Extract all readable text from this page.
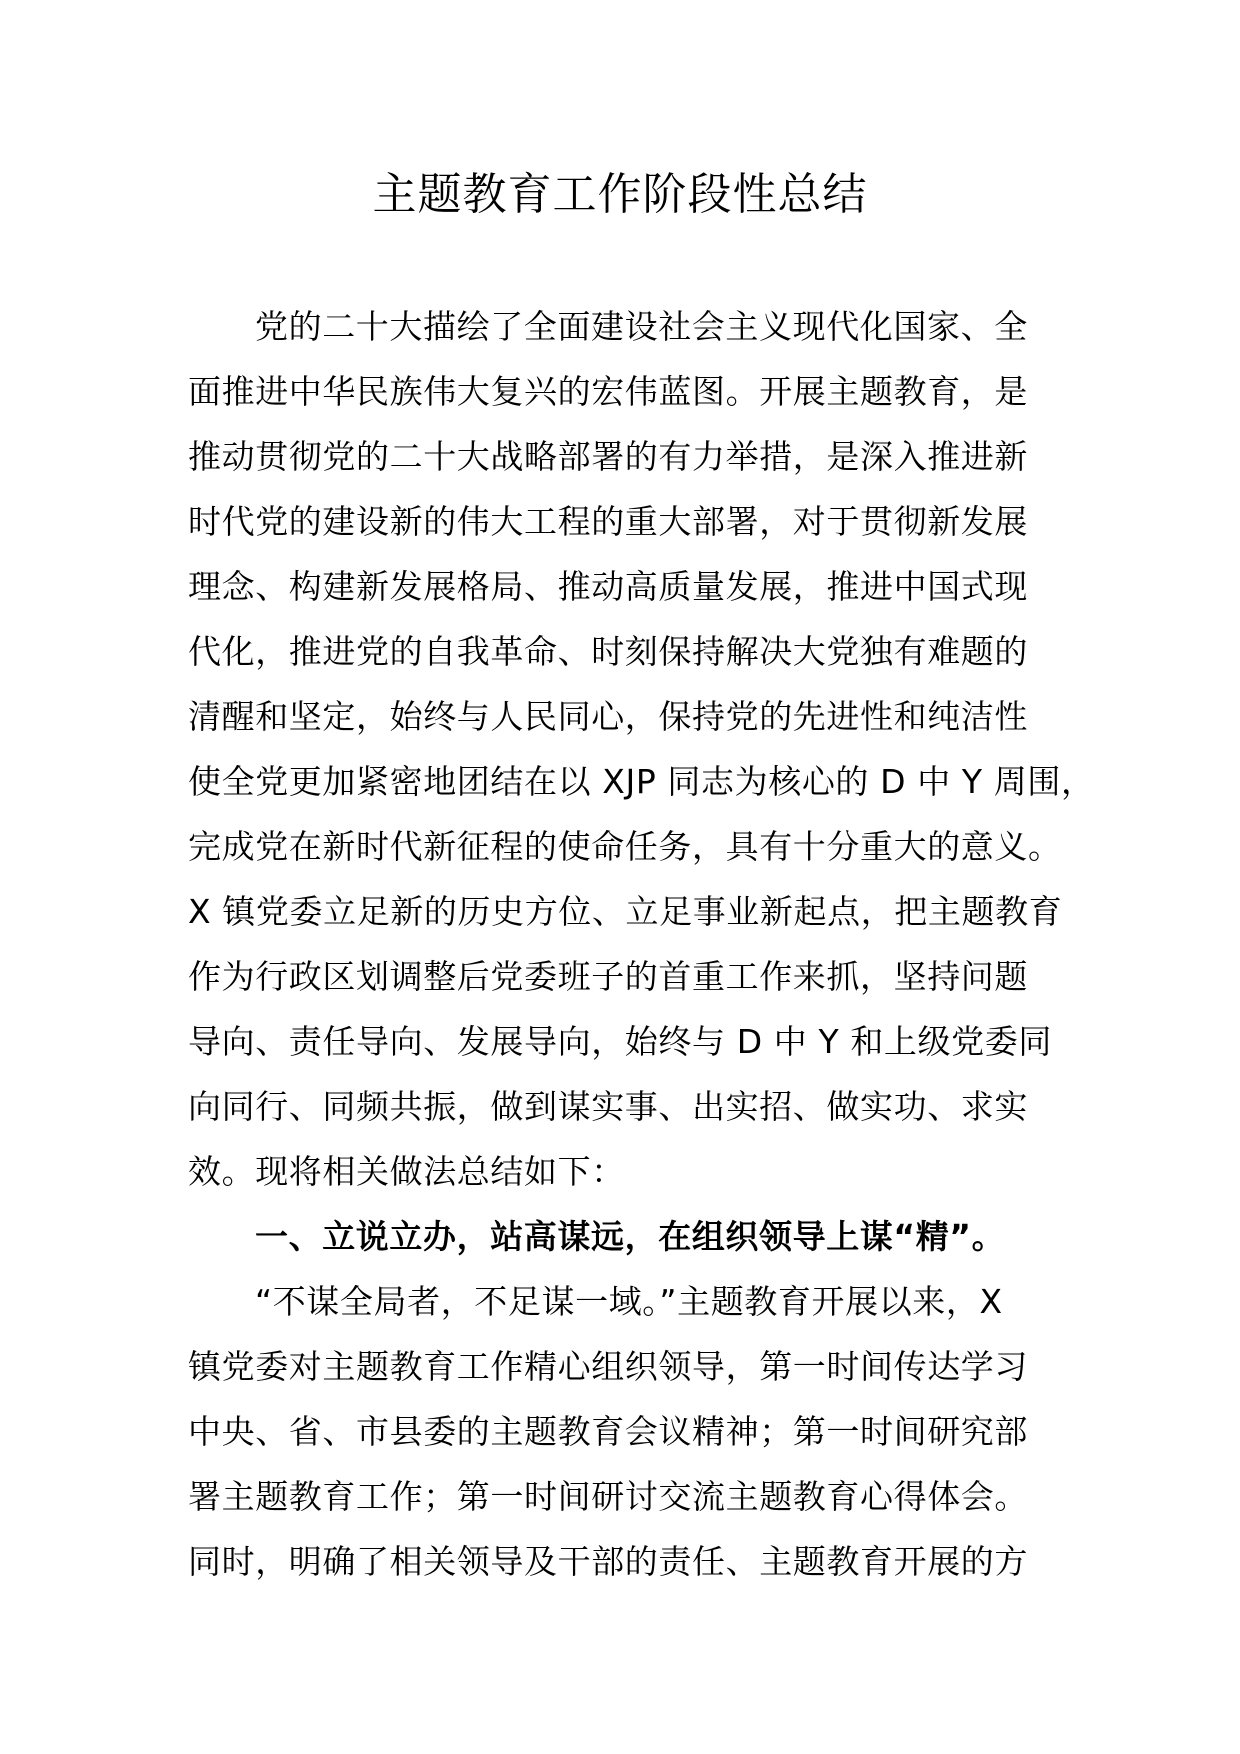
主题教育工作阶段性总结
党的二十大描绘了全面建设社会主义现代化国家、全
面推进中华民族伟大复兴的宏伟蓝图。开展主题教育，是
推动贯彻党的二十大战略部署的有力举措，是深入推进新
时代党的建设新的伟大工程的重大部署，对于贯彻新发展
理念、构建新发展格局、推动高质量发展，推进中国式现
代化，推进党的自我革命、时刻保持解决大党独有难题的
清醒和坚定，始终与人民同心，保持党的先进性和纯洁性
使全党更加紧密地团结在以 XJP 同志为核心的 D 中 Y 周围，
完成党在新时代新征程的使命任务，具有十分重大的意义。
X 镇党委立足新的历史方位、立足事业新起点，把主题教育
作为行政区划调整后党委班子的首重工作来抓，坚持问题
导向、责任导向、发展导向，始终与 D 中 Y 和上级党委同
向同行、同频共振，做到谋实事、出实招、做实功、求实
效。现将相关做法总结如下：
一、立说立办，站高谋远，在组织领导上谋“精”。
“不谋全局者，不足谋一域。”主题教育开展以来，X
镇党委对主题教育工作精心组织领导，第一时间传达学习
中央、省、市县委的主题教育会议精神；第一时间研究部
署主题教育工作；第一时间研讨交流主题教育心得体会。
同时，明确了相关领导及干部的责任、主题教育开展的方
